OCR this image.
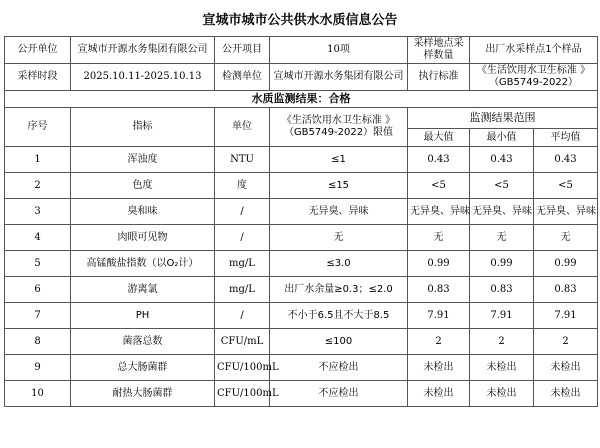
宣城市城市公共供水水质信息公告
公开单位	宣城市开源水务集团有限公司	公开项目	10项	采样地点采样数量	出厂水采样点1个样品	
采样时段	2025.10.11-2025.10.13	检测单位	宣城市开源水务集团有限公司	执行标准	《生活饮用水卫生标准 》（GB5749-2022）	
水质监测结果：合格						
序号	指标	单位	《生活饮用水卫生标准 》（GB5749-2022）限值	监测结果范围		
				最大值	最小值	平均值
1	浑浊度	NTU	≤1	0.43	0.43	0.43
2	色度	度	≤15	<5	<5	<5
3	臭和味	/	无异臭、异味	无异臭、异味	无异臭、异味	无异臭、异味
4	肉眼可见物	/	无	无	无	无
5	高锰酸盐指数（以O₂计）	mg/L	≤3.0	0.99	0.99	0.99
6	游离氯	mg/L	出厂水余量≥0.3；≤2.0	0.83	0.83	0.83
7	PH	/	不小于6.5且不大于8.5	7.91	7.91	7.91
8	菌落总数	CFU/mL	≤100	2	2	2
9	总大肠菌群	CFU/100mL	不应检出	未检出	未检出	未检出
10	耐热大肠菌群	CFU/100mL	不应检出	未检出	未检出	未检出
